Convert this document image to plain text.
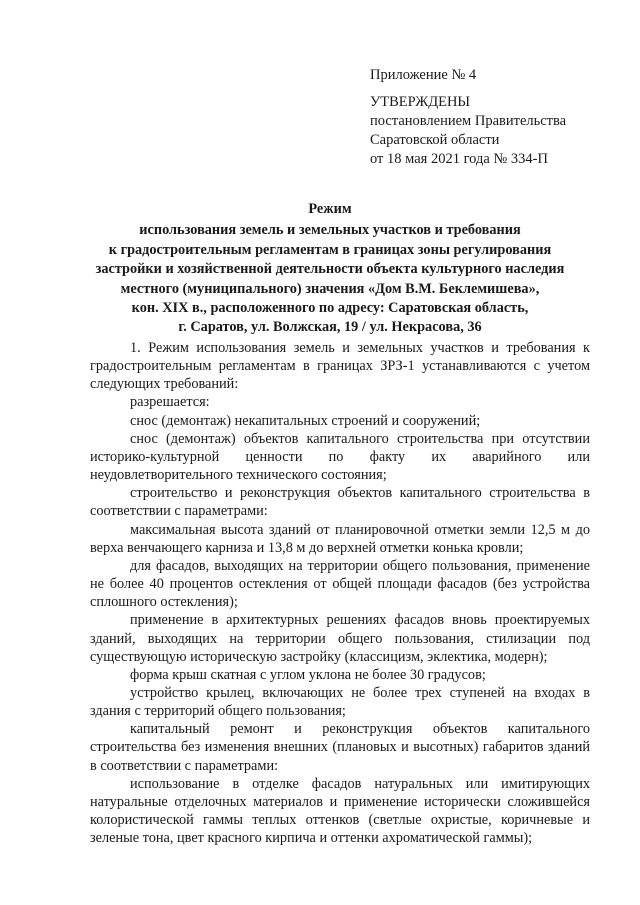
Приложение № 4
УТВЕРЖДЕНЫ
постановлением Правительства
Саратовской области
от 18 мая 2021 года № 334-П
Режим
использования земель и земельных участков и требования
к градостроительным регламентам в границах зоны регулирования
застройки и хозяйственной деятельности объекта культурного наследия
местного (муниципального) значения «Дом В.М. Беклемишева»,
кон. XIX в., расположенного по адресу: Саратовская область,
г. Саратов, ул. Волжская, 19 / ул. Некрасова, 36

1. Режим использования земель и земельных участков и требования к градостроительным регламентам в границах ЗРЗ-1 устанавливаются с учетом следующих требований:

разрешается:

снос (демонтаж) некапитальных строений и сооружений;

снос (демонтаж) объектов капитального строительства при отсутствии историко-культурной ценности по факту их аварийного или неудовлетворительного технического состояния;

строительство и реконструкция объектов капитального строительства в соответствии с параметрами:

максимальная высота зданий от планировочной отметки земли 12,5 м до верха венчающего карниза и 13,8 м до верхней отметки конька кровли;

для фасадов, выходящих на территории общего пользования, применение не более 40 процентов остекления от общей площади фасадов (без устройства сплошного остекления);

применение в архитектурных решениях фасадов вновь проектируемых зданий, выходящих на территории общего пользования, стилизации под существующую историческую застройку (классицизм, эклектика, модерн);

форма крыш скатная с углом уклона не более 30 градусов;

устройство крылец, включающих не более трех ступеней на входах в здания с территорий общего пользования;

капитальный ремонт и реконструкция объектов капитального строительства без изменения внешних (плановых и высотных) габаритов зданий в соответствии с параметрами:

использование в отделке фасадов натуральных или имитирующих натуральные отделочных материалов и применение исторически сложившейся колористической гаммы теплых оттенков (светлые охристые, коричневые и зеленые тона, цвет красного кирпича и оттенки ахроматической гаммы);
